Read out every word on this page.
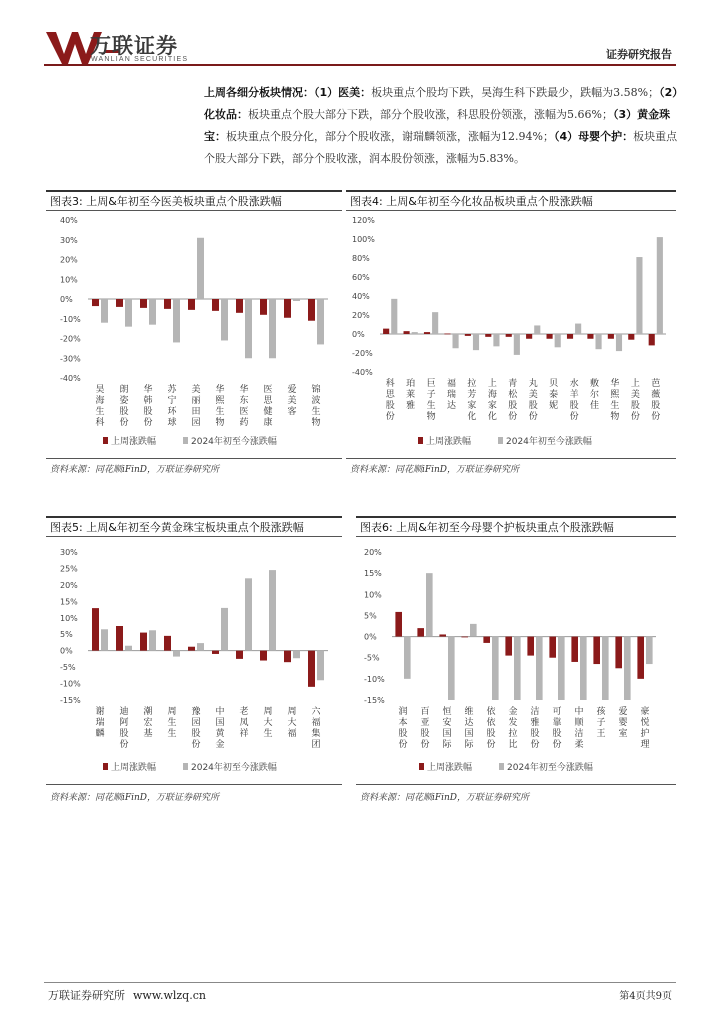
万联证券
WANLIAN SECURITIES	证券研究报告
上周各细分板块情况：（1）医美：板块重点个股均下跌，昊海生科下跌最少，跌幅为3.58%；（2）化妆品：板块重点个股大部分下跌，部分个股收涨，科思股份领涨，涨幅为5.66%；（3）黄金珠宝：板块重点个股分化，部分个股收涨，谢瑞麟领涨，涨幅为12.94%；（4）母婴个护：板块重点个股大部分下跌，部分个股收涨，润本股份领涨，涨幅为5.83%。
图表3: 上周&年初至今医美板块重点个股涨跌幅
40%
30%
20%
10%
0%
-10%
-20%
-30%
-40%
昊海生科
朗姿股份
华韩股份
苏宁环球
美丽田园
华熙生物
华东医药
医思健康
爱美客
锦波生物
上周涨跌幅	2024年初至今涨跌幅
资料来源：同花顺iFinD，万联证券研究所
图表4: 上周&年初至今化妆品板块重点个股涨跌幅
120%
100%
80%
60%
40%
20%
0%
-20%
-40%
科思股份
珀莱雅
巨子生物
福瑞达
拉芳家化
上海家化
青松股份
丸美股份
贝泰妮
水羊股份
敷尔佳
华熙生物
上美股份
芭薇股份
上周涨跌幅	2024年初至今涨跌幅
资料来源：同花顺iFinD，万联证券研究所
图表5: 上周&年初至今黄金珠宝板块重点个股涨跌幅
30%
25%
20%
15%
10%
5%
0%
-5%
-10%
-15%
谢瑞麟
迪阿股份
潮宏基
周生生
豫园股份
中国黄金
老凤祥
周大生
周大福
六福集团
上周涨跌幅	2024年初至今涨跌幅
资料来源：同花顺iFinD，万联证券研究所
图表6: 上周&年初至今母婴个护板块重点个股涨跌幅
20%
15%
10%
5%
0%
-5%
-10%
-15%
润本股份
百亚股份
恒安国际
维达国际
依依股份
金发拉比
洁雅股份
可靠股份
中顺洁柔
孩子王
爱婴室
豪悦护理
上周涨跌幅	2024年初至今涨跌幅
资料来源：同花顺iFinD，万联证券研究所
万联证券研究所 www.wlzq.cn	第4页共9页
